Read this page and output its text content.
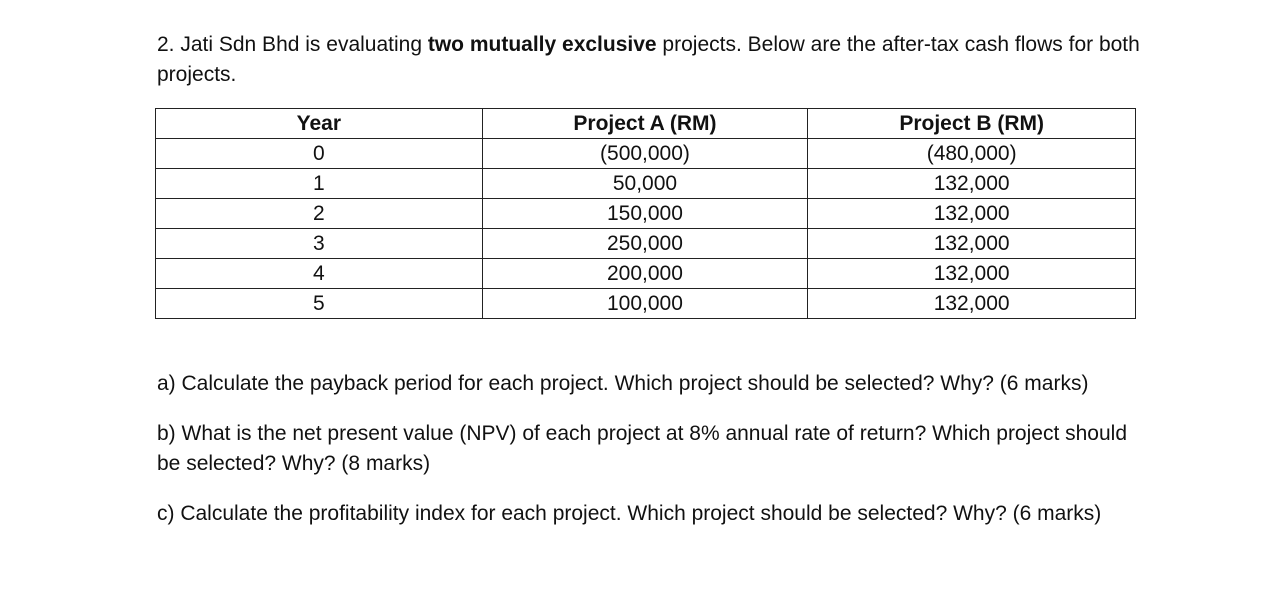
2. Jati Sdn Bhd is evaluating two mutually exclusive projects. Below are the after-tax cash flows for both projects.
Year	Project A (RM)	Project B (RM)
0	(500,000)	(480,000)
1	50,000	132,000
2	150,000	132,000
3	250,000	132,000
4	200,000	132,000
5	100,000	132,000

a) Calculate the payback period for each project. Which project should be selected? Why? (6 marks)

b) What is the net present value (NPV) of each project at 8% annual rate of return? Which project should be selected? Why? (8 marks)

c) Calculate the profitability index for each project. Which project should be selected? Why? (6 marks)
